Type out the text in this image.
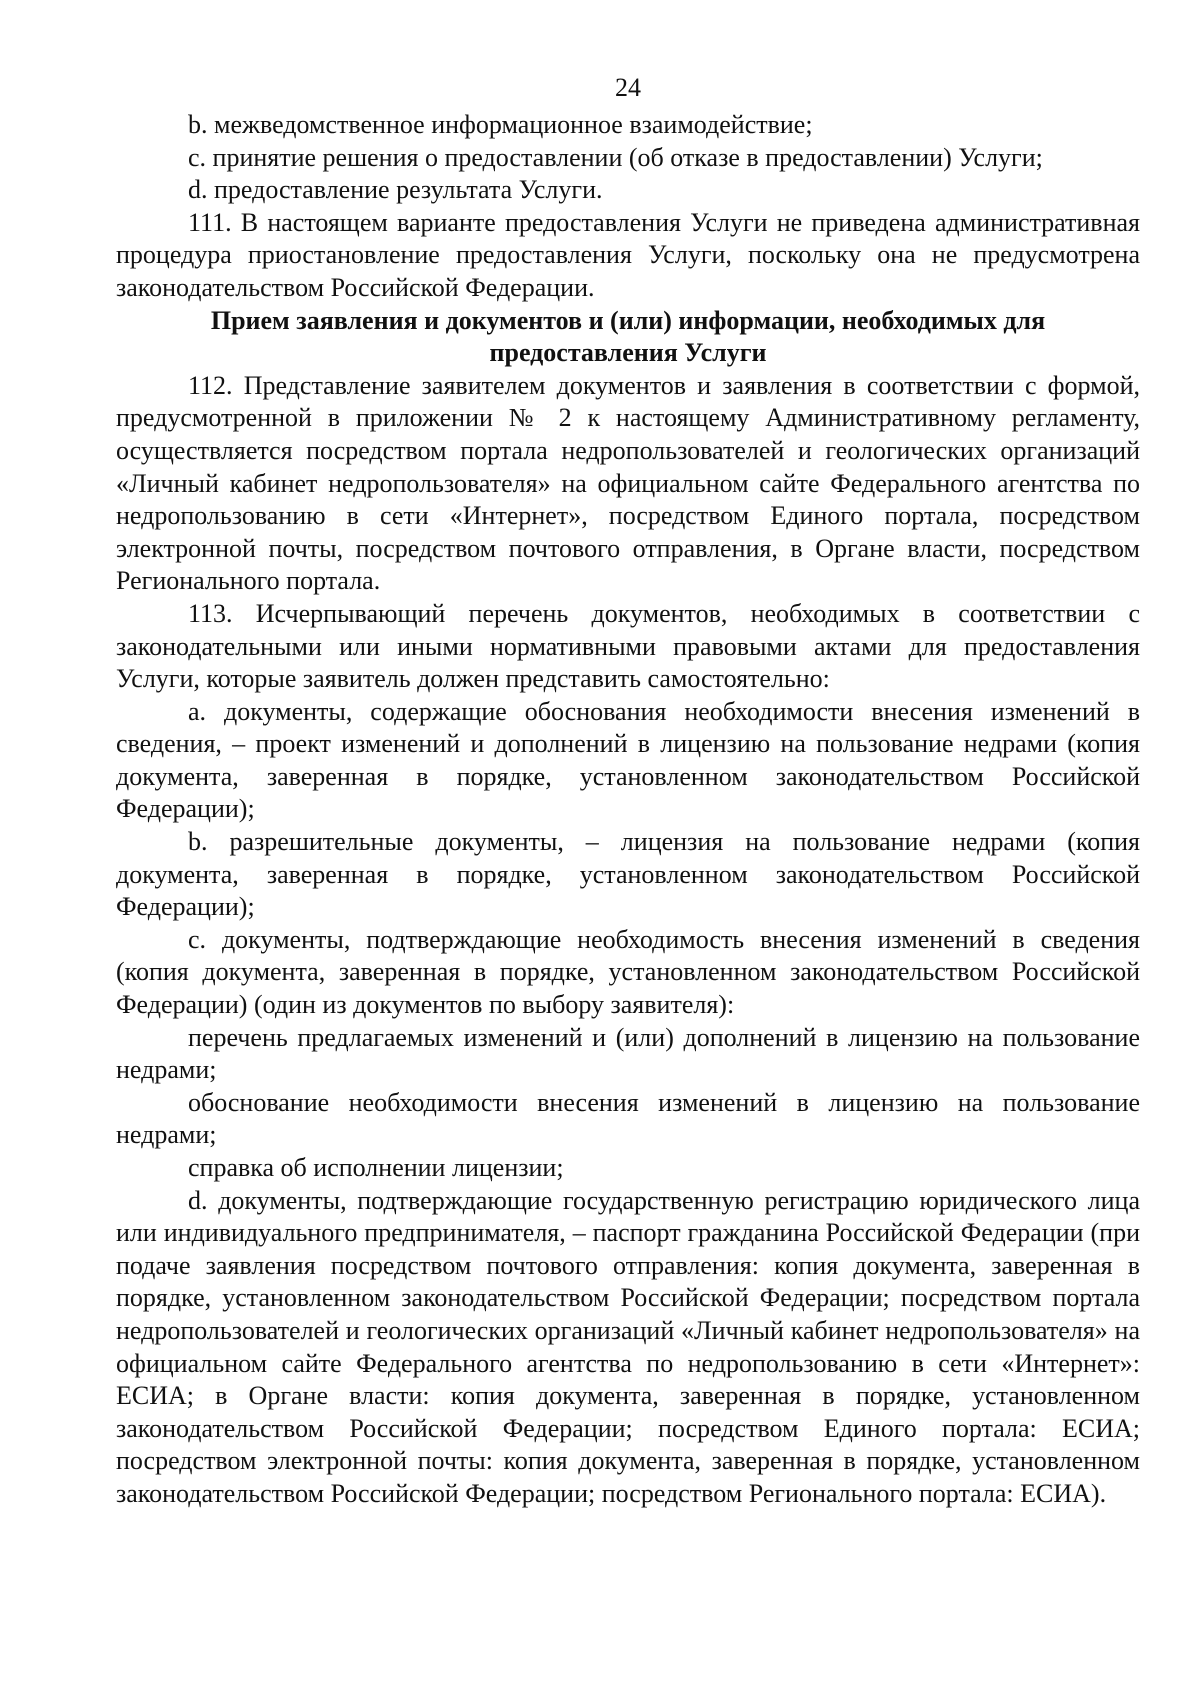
24

b. межведомственное информационное взаимодействие;

c. принятие решения о предоставлении (об отказе в предоставлении) Услуги;

d. предоставление результата Услуги.

111. В настоящем варианте предоставления Услуги не приведена административная процедура приостановление предоставления Услуги, поскольку она не предусмотрена законодательством Российской Федерации.

Прием заявления и документов и (или) информации, необходимых для предоставления Услуги

112. Представление заявителем документов и заявления в соответствии с формой, предусмотренной в приложении № 2 к настоящему Административному регламенту, осуществляется посредством портала недропользователей и геологических организаций «Личный кабинет недропользователя» на официальном сайте Федерального агентства по недропользованию в сети «Интернет», посредством Единого портала, посредством электронной почты, посредством почтового отправления, в Органе власти, посредством Регионального портала.

113. Исчерпывающий перечень документов, необходимых в соответствии с законодательными или иными нормативными правовыми актами для предоставления Услуги, которые заявитель должен представить самостоятельно:

a. документы, содержащие обоснования необходимости внесения изменений в сведения, – проект изменений и дополнений в лицензию на пользование недрами (копия документа, заверенная в порядке, установленном законодательством Российской Федерации);

b. разрешительные документы, – лицензия на пользование недрами (копия документа, заверенная в порядке, установленном законодательством Российской Федерации);

c. документы, подтверждающие необходимость внесения изменений в сведения (копия документа, заверенная в порядке, установленном законодательством Российской Федерации) (один из документов по выбору заявителя):

перечень предлагаемых изменений и (или) дополнений в лицензию на пользование недрами;

обоснование необходимости внесения изменений в лицензию на пользование недрами;

справка об исполнении лицензии;

d. документы, подтверждающие государственную регистрацию юридического лица или индивидуального предпринимателя, – паспорт гражданина Российской Федерации (при подаче заявления посредством почтового отправления: копия документа, заверенная в порядке, установленном законодательством Российской Федерации; посредством портала недропользователей и геологических организаций «Личный кабинет недропользователя» на официальном сайте Федерального агентства по недропользованию в сети «Интернет»: ЕСИА; в Органе власти: копия документа, заверенная в порядке, установленном законодательством Российской Федерации; посредством Единого портала: ЕСИА; посредством электронной почты: копия документа, заверенная в порядке, установленном законодательством Российской Федерации; посредством Регионального портала: ЕСИА).
